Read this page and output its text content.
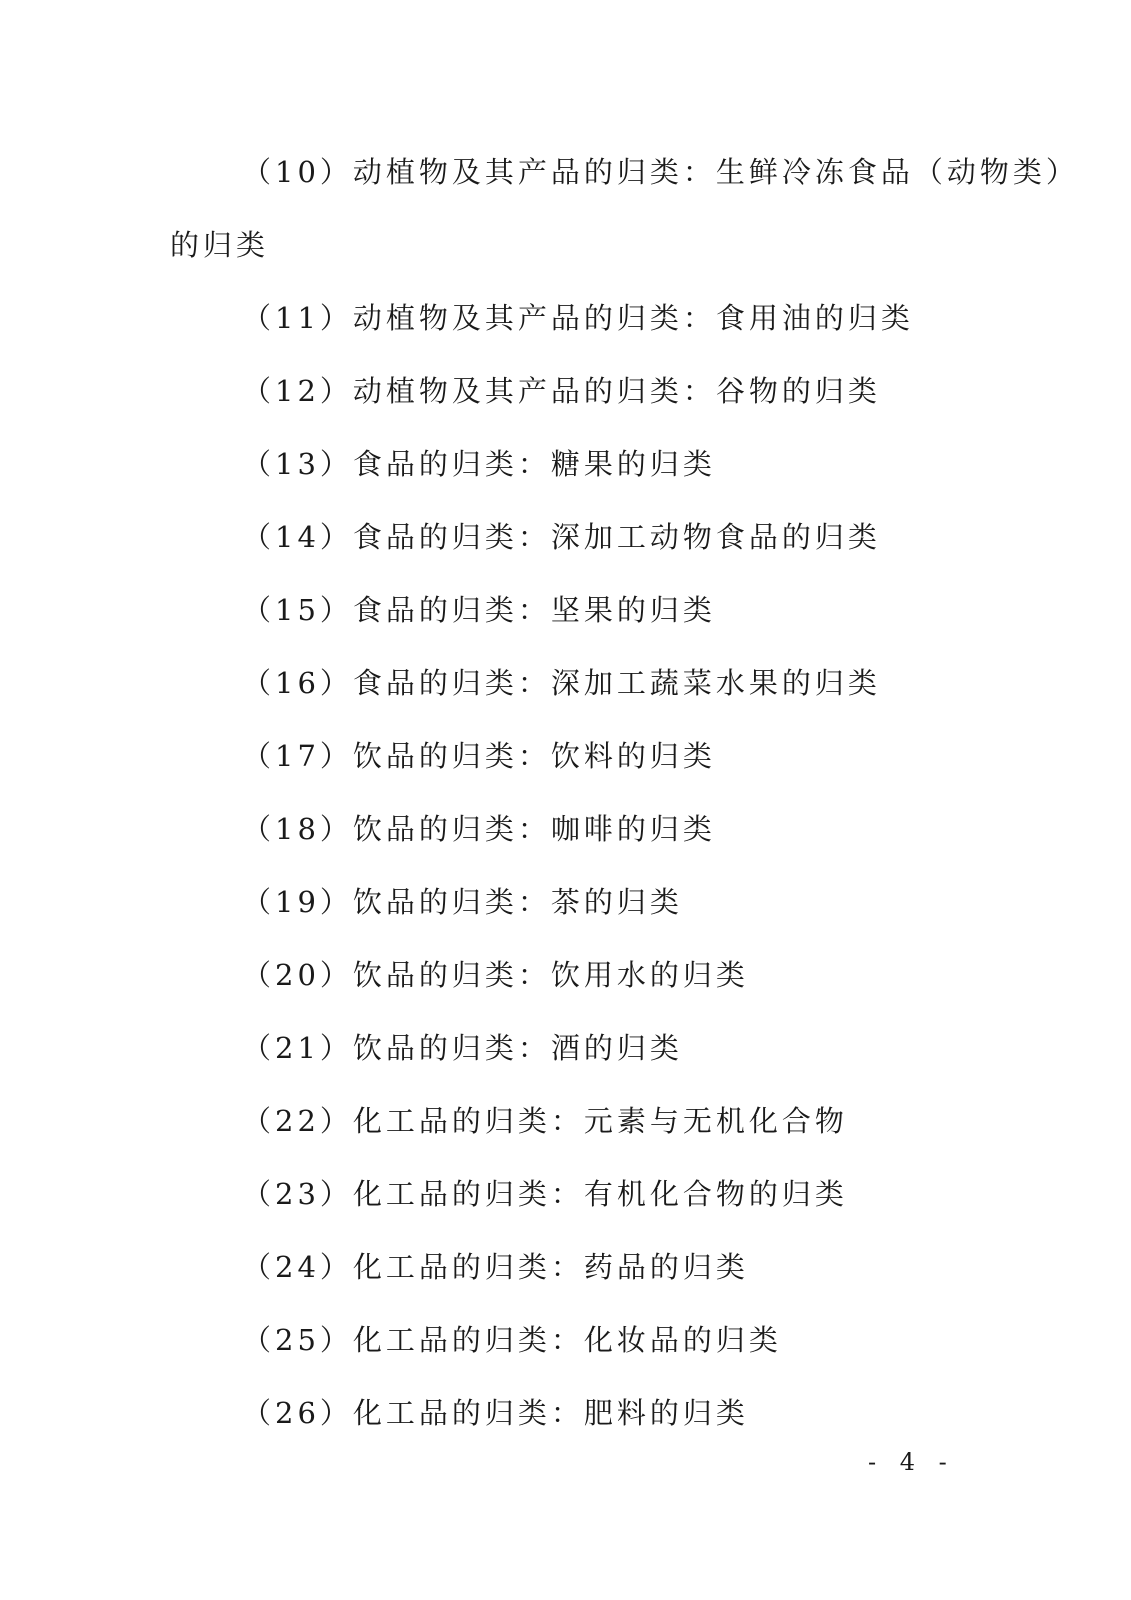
（10）动植物及其产品的归类：生鲜冷冻食品（动物类）
的归类
（11）动植物及其产品的归类：食用油的归类
（12）动植物及其产品的归类：谷物的归类
（13）食品的归类：糖果的归类
（14）食品的归类：深加工动物食品的归类
（15）食品的归类：坚果的归类
（16）食品的归类：深加工蔬菜水果的归类
（17）饮品的归类：饮料的归类
（18）饮品的归类：咖啡的归类
（19）饮品的归类：茶的归类
（20）饮品的归类：饮用水的归类
（21）饮品的归类：酒的归类
（22）化工品的归类：元素与无机化合物
（23）化工品的归类：有机化合物的归类
（24）化工品的归类：药品的归类
（25）化工品的归类：化妆品的归类
（26）化工品的归类：肥料的归类
- 4 -
